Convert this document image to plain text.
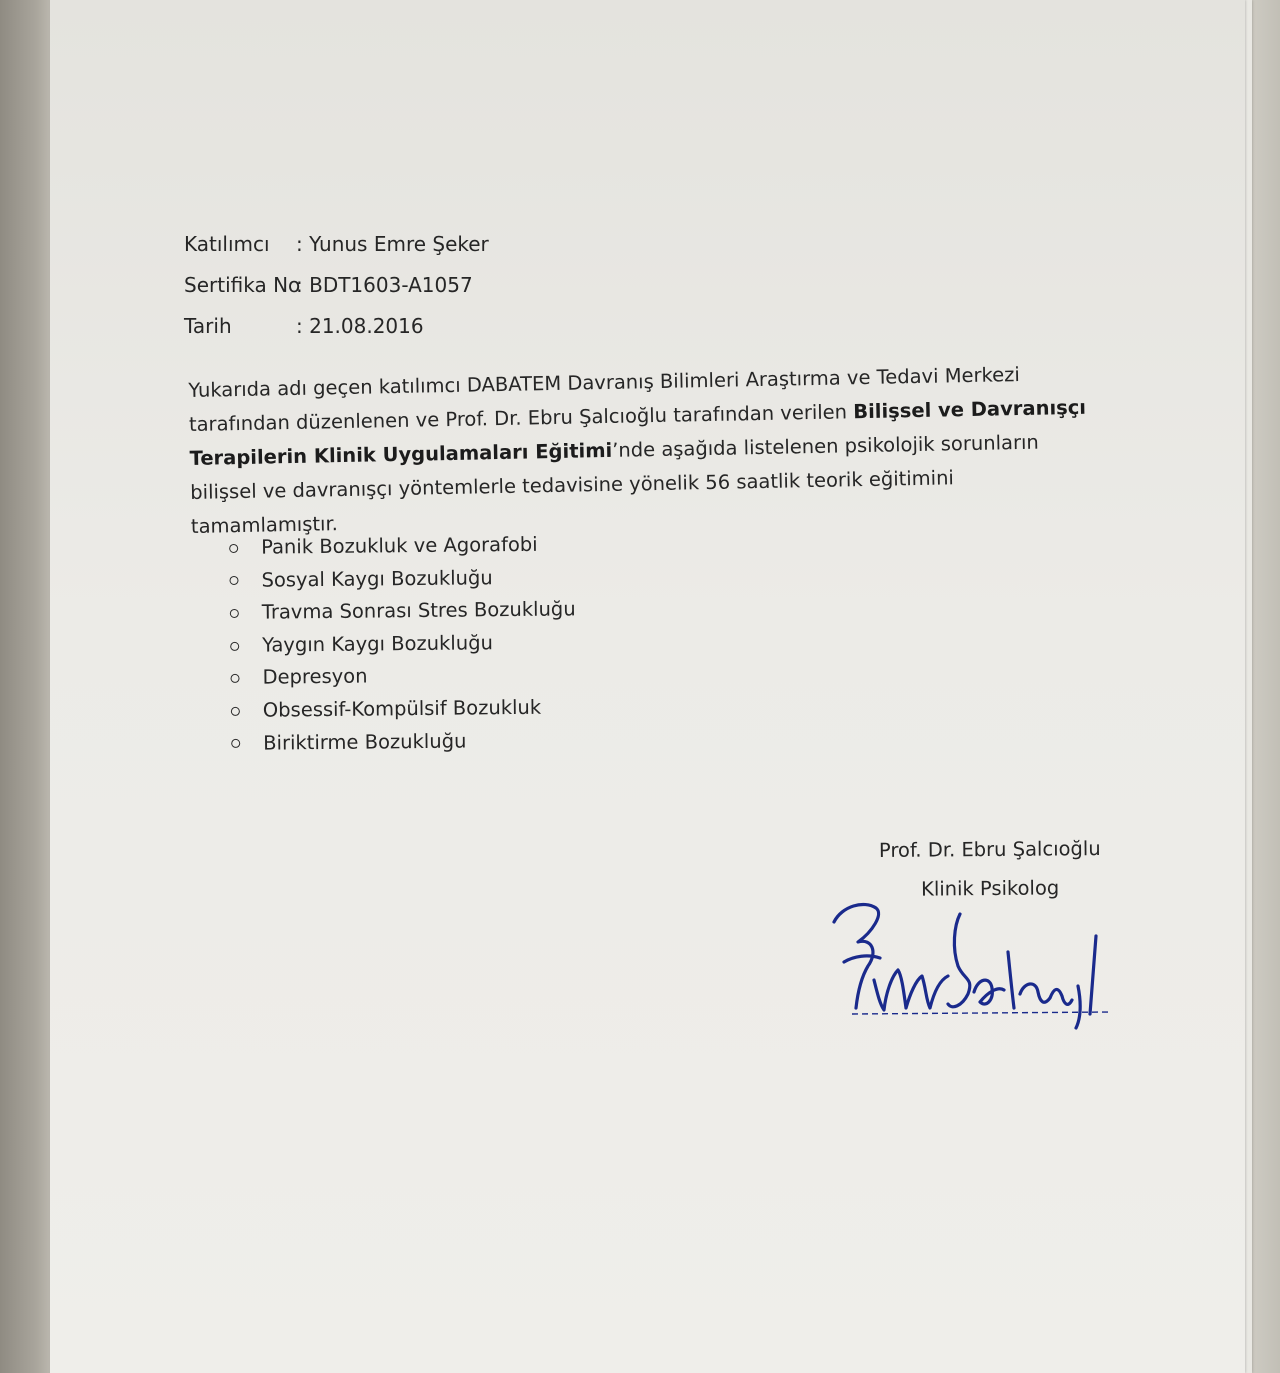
Katılımcı	: Yunus Emre Şeker
Sertifika No
: BDT1603-A1057
Tarih	: 21.08.2016
Yukarıda adı geçen katılımcı DABATEM Davranış Bilimleri Araştırma ve Tedavi Merkezi tarafından düzenlenen ve Prof. Dr. Ebru Şalcıoğlu tarafından verilen Bilişsel ve Davranışçı Terapilerin Klinik Uygulamaları Eğitimi’nde aşağıda listelenen psikolojik sorunların bilişsel ve davranışçı yöntemlerle tedavisine yönelik 56 saatlik teorik eğitimini tamamlamıştır.
Panik Bozukluk ve Agorafobi
Sosyal Kaygı Bozukluğu
Travma Sonrası Stres Bozukluğu
Yaygın Kaygı Bozukluğu
Depresyon
Obsessif-Kompülsif Bozukluk
Biriktirme Bozukluğu
Prof. Dr. Ebru Şalcıoğlu
Klinik Psikolog
